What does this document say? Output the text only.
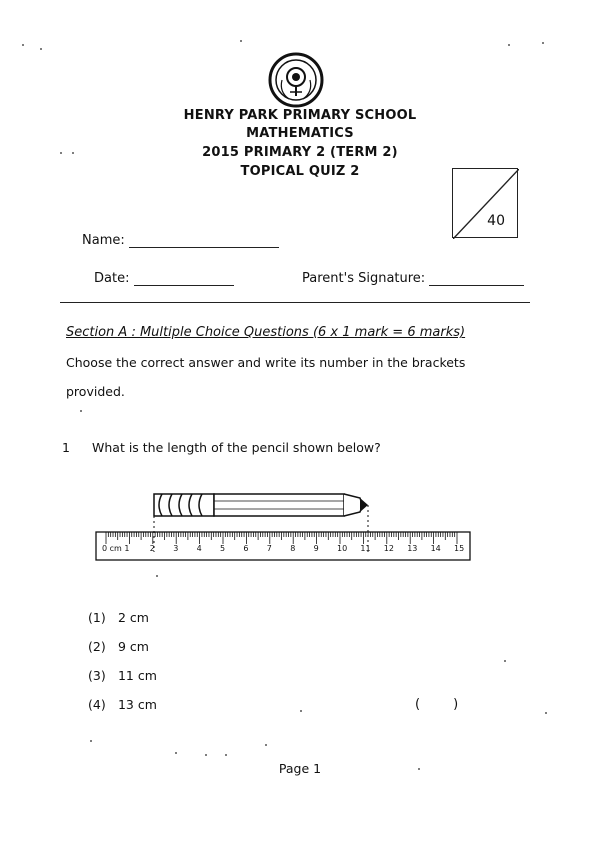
HENRY PARK PRIMARY SCHOOL
MATHEMATICS
2015 PRIMARY 2 (TERM 2)
TOPICAL QUIZ 2
40
Name:
Date:	Parent's Signature:
Section A : Multiple Choice Questions (6 x 1 mark = 6 marks)
Choose the correct answer and write its number in the brackets
provided.
1 What is the length of the pencil shown below?
0 cm 1	2 3 4 5 6 7 8 9 10 11 12 13 14 15
(1) 2 cm
(2) 9 cm
(3) 11 cm
(4) 13 cm	(        )
Page 1
